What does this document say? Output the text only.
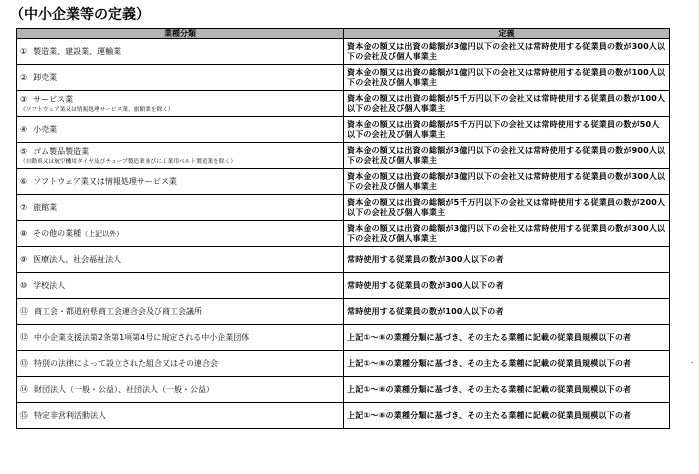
（中小企業等の定義）
業種分類	定義
① 製造業、建設業、運輸業	資本金の額又は出資の総額が3億円以下の会社又は常時使用する従業員の数が300人以下の会社及び個人事業主
② 卸売業	資本金の額又は出資の総額が1億円以下の会社又は常時使用する従業員の数が100人以下の会社及び個人事業主
③ サービス業
（ソフトウェア業又は情報処理サービス業、旅館業を除く）	資本金の額又は出資の総額が5千万円以下の会社又は常時使用する従業員の数が100人以下の会社及び個人事業主
④ 小売業	資本金の額又は出資の総額が5千万円以下の会社又は常時使用する従業員の数が50人以下の会社及び個人事業主
⑤ ゴム製品製造業
（自動車又は航空機用タイヤ及びチューブ製造業並びに工業用ベルト製造業を除く）	資本金の額又は出資の総額が3億円以下の会社又は常時使用する従業員の数が900人以下の会社及び個人事業主
⑥ ソフトウェア業又は情報処理サービス業	資本金の額又は出資の総額が3億円以下の会社又は常時使用する従業員の数が300人以下の会社及び個人事業主
⑦ 旅館業	資本金の額又は出資の総額が5千万円以下の会社又は常時使用する従業員の数が200人以下の会社及び個人事業主
⑧ その他の業種（上記以外）	資本金の額又は出資の総額が3億円以下の会社又は常時使用する従業員の数が300人以下の会社及び個人事業主
⑨ 医療法人、社会福祉法人	常時使用する従業員の数が300人以下の者
⑩ 学校法人	常時使用する従業員の数が300人以下の者
⑪ 商工会・都道府県商工会連合会及び商工会議所	常時使用する従業員の数が100人以下の者
⑫ 中小企業支援法第2条第1項第4号に規定される中小企業団体	上記①～⑧の業種分類に基づき、その主たる業種に記載の従業員規模以下の者
⑬ 特別の法律によって設立された組合又はその連合会	上記①～⑧の業種分類に基づき、その主たる業種に記載の従業員規模以下の者
⑭ 財団法人（一般・公益）、社団法人（一般・公益）	上記①～⑧の業種分類に基づき、その主たる業種に記載の従業員規模以下の者
⑮ 特定非営利活動法人	上記①～⑧の業種分類に基づき、その主たる業種に記載の従業員規模以下の者
.
